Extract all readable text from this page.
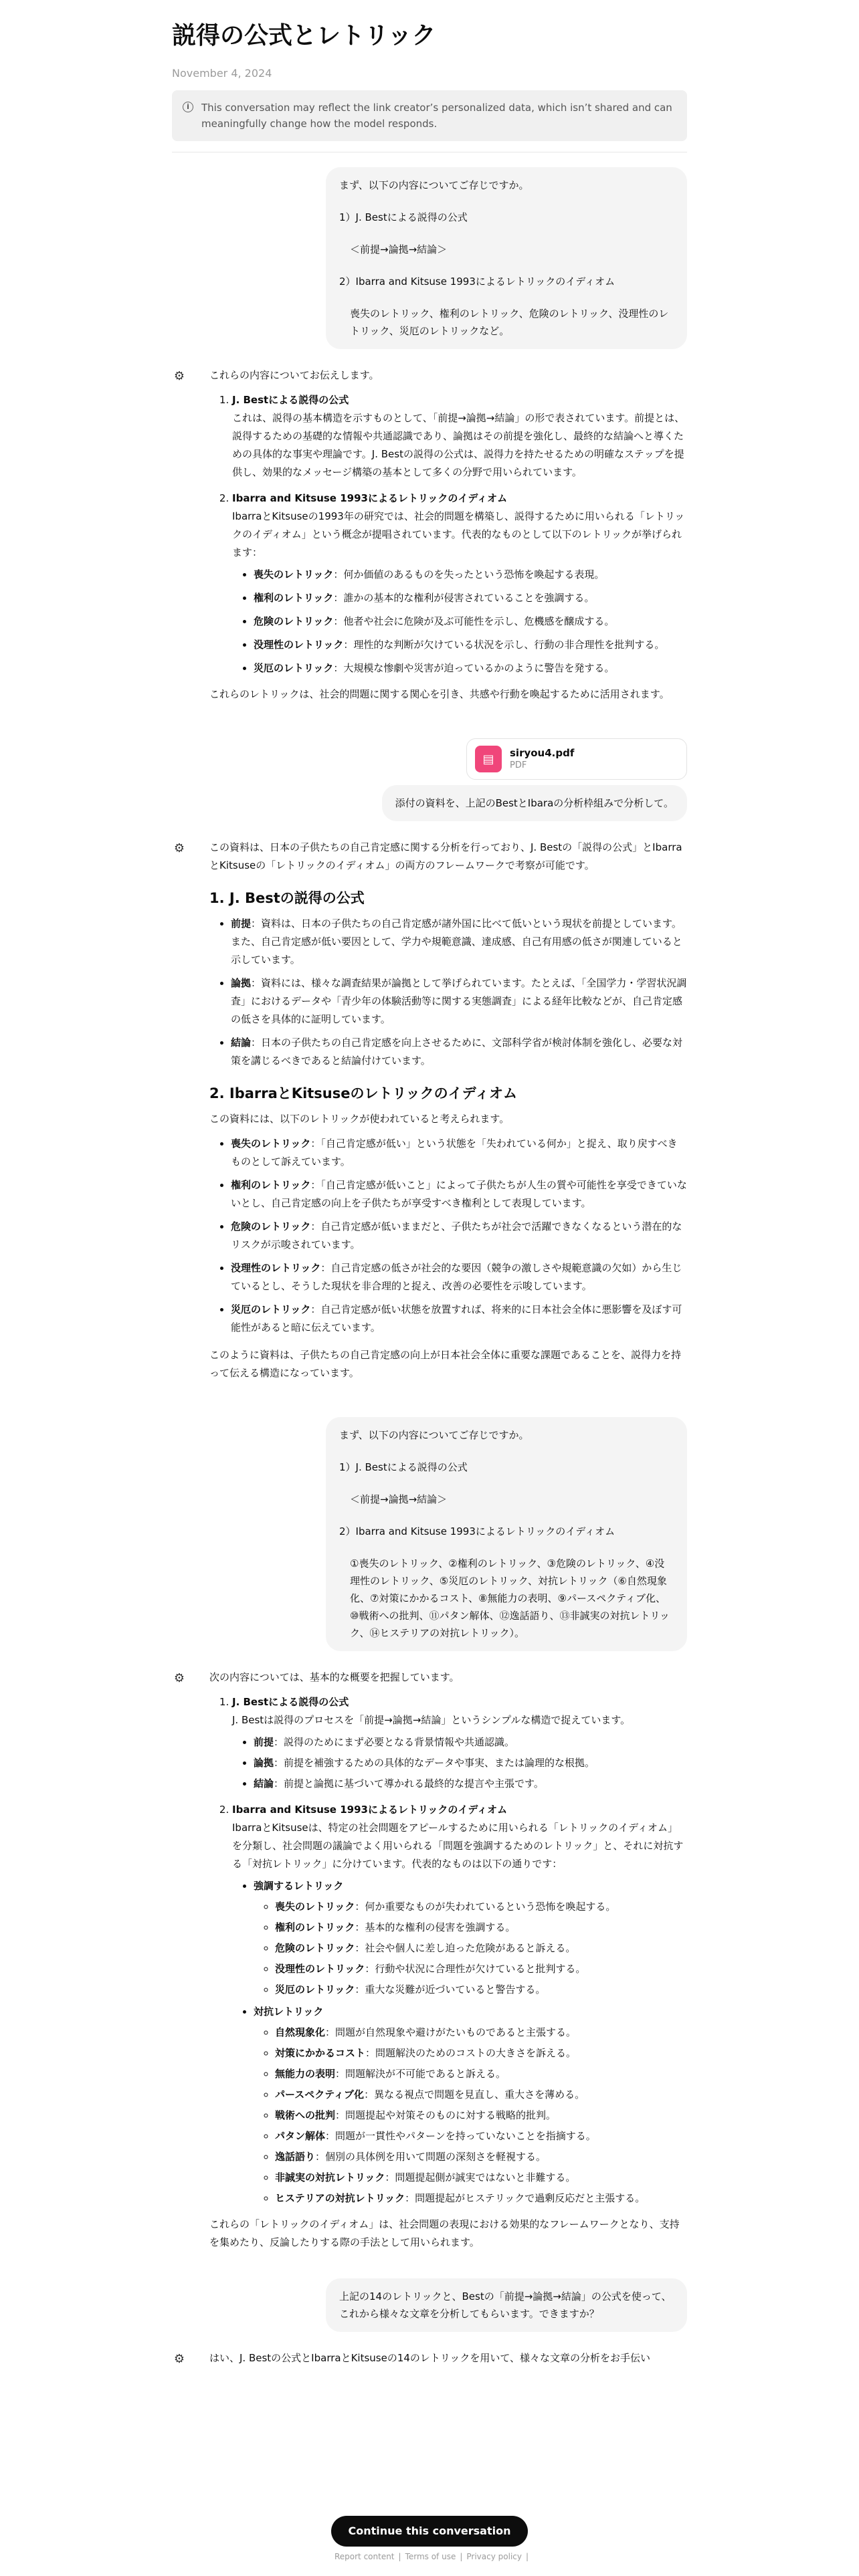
説得の公式とレトリック
November 4, 2024
i	This conversation may reflect the link creator’s personalized data, which isn’t shared and can meaningfully change how the model responds.

まず、以下の内容についてご存じですか。

1）J. Bestによる説得の公式

＜前提→論拠→結論＞

2）Ibarra and Kitsuse 1993によるレトリックのイディオム

喪失のレトリック、権利のレトリック、危険のレトリック、没理性のレトリック、災厄のレトリックなど。

⚙ これらの内容についてお伝えします。

1. J. Bestによる説得の公式
これは、説得の基本構造を示すものとして、「前提→論拠→結論」の形で表されています。前提とは、説得するための基礎的な情報や共通認識であり、論拠はその前提を強化し、最終的な結論へと導くための具体的な事実や理論です。J. Bestの説得の公式は、説得力を持たせるための明確なステップを提供し、効果的なメッセージ構築の基本として多くの分野で用いられています。
2. Ibarra and Kitsuse 1993によるレトリックのイディオム
IbarraとKitsuseの1993年の研究では、社会的問題を構築し、説得するために用いられる「レトリックのイディオム」という概念が提唱されています。代表的なものとして以下のレトリックが挙げられます：
• 喪失のレトリック：何か価値のあるものを失ったという恐怖を喚起する表現。
• 権利のレトリック：誰かの基本的な権利が侵害されていることを強調する。
• 危険のレトリック：他者や社会に危険が及ぶ可能性を示し、危機感を醸成する。
• 没理性のレトリック：理性的な判断が欠けている状況を示し、行動の非合理性を批判する。
• 災厄のレトリック：大規模な惨劇や災害が迫っているかのように警告を発する。

これらのレトリックは、社会的問題に関する関心を引き、共感や行動を喚起するために活用されます。

▤	siryou4.pdf
PDF

添付の資料を、上記のBestとIbaraの分析枠組みで分析して。

⚙ この資料は、日本の子供たちの自己肯定感に関する分析を行っており、J. Bestの「説得の公式」とIbarraとKitsuseの「レトリックのイディオム」の両方のフレームワークで考察が可能です。

1. J. Bestの説得の公式
• 前提：資料は、日本の子供たちの自己肯定感が諸外国に比べて低いという現状を前提としています。また、自己肯定感が低い要因として、学力や規範意識、達成感、自己有用感の低さが関連していると示しています。
• 論拠：資料には、様々な調査結果が論拠として挙げられています。たとえば、「全国学力・学習状況調査」におけるデータや「青少年の体験活動等に関する実態調査」による経年比較などが、自己肯定感の低さを具体的に証明しています。
• 結論：日本の子供たちの自己肯定感を向上させるために、文部科学省が検討体制を強化し、必要な対策を講じるべきであると結論付けています。
2. IbarraとKitsuseのレトリックのイディオム

この資料には、以下のレトリックが使われていると考えられます。

• 喪失のレトリック：「自己肯定感が低い」という状態を「失われている何か」と捉え、取り戻すべきものとして訴えています。
• 権利のレトリック：「自己肯定感が低いこと」によって子供たちが人生の質や可能性を享受できていないとし、自己肯定感の向上を子供たちが享受すべき権利として表現しています。
• 危険のレトリック：自己肯定感が低いままだと、子供たちが社会で活躍できなくなるという潜在的なリスクが示唆されています。
• 没理性のレトリック：自己肯定感の低さが社会的な要因（競争の激しさや規範意識の欠如）から生じているとし、そうした現状を非合理的と捉え、改善の必要性を示唆しています。
• 災厄のレトリック：自己肯定感が低い状態を放置すれば、将来的に日本社会全体に悪影響を及ぼす可能性があると暗に伝えています。

このように資料は、子供たちの自己肯定感の向上が日本社会全体に重要な課題であることを、説得力を持って伝える構造になっています。

まず、以下の内容についてご存じですか。

1）J. Bestによる説得の公式

＜前提→論拠→結論＞

2）Ibarra and Kitsuse 1993によるレトリックのイディオム

①喪失のレトリック、②権利のレトリック、③危険のレトリック、④没理性のレトリック、⑤災厄のレトリック、対抗レトリック（⑥自然現象化、⑦対策にかかるコスト、⑧無能力の表明、⑨パースペクティブ化、⑩戦術への批判、⑪パタン解体、⑫逸話語り、⑬非誠実の対抗レトリック、⑭ヒステリアの対抗レトリック）。

⚙ 次の内容については、基本的な概要を把握しています。

1. J. Bestによる説得の公式
J. Bestは説得のプロセスを「前提→論拠→結論」というシンプルな構造で捉えています。
• 前提：説得のためにまず必要となる背景情報や共通認識。
• 論拠：前提を補強するための具体的なデータや事実、または論理的な根拠。
• 結論：前提と論拠に基づいて導かれる最終的な提言や主張です。
2. Ibarra and Kitsuse 1993によるレトリックのイディオム
IbarraとKitsuseは、特定の社会問題をアピールするために用いられる「レトリックのイディオム」を分類し、社会問題の議論でよく用いられる「問題を強調するためのレトリック」と、それに対抗する「対抗レトリック」に分けています。代表的なものは以下の通りです：
• 強調するレトリック
◦ 喪失のレトリック：何か重要なものが失われているという恐怖を喚起する。
◦ 権利のレトリック：基本的な権利の侵害を強調する。
◦ 危険のレトリック：社会や個人に差し迫った危険があると訴える。
◦ 没理性のレトリック：行動や状況に合理性が欠けていると批判する。
◦ 災厄のレトリック：重大な災難が近づいていると警告する。
• 対抗レトリック
◦ 自然現象化：問題が自然現象や避けがたいものであると主張する。
◦ 対策にかかるコスト：問題解決のためのコストの大きさを訴える。
◦ 無能力の表明：問題解決が不可能であると訴える。
◦ パースペクティブ化：異なる視点で問題を見直し、重大さを薄める。
◦ 戦術への批判：問題提起や対策そのものに対する戦略的批判。
◦ パタン解体：問題が一貫性やパターンを持っていないことを指摘する。
◦ 逸話語り：個別の具体例を用いて問題の深刻さを軽視する。
◦ 非誠実の対抗レトリック：問題提起側が誠実ではないと非難する。
◦ ヒステリアの対抗レトリック：問題提起がヒステリックで過剰反応だと主張する。

これらの「レトリックのイディオム」は、社会問題の表現における効果的なフレームワークとなり、支持を集めたり、反論したりする際の手法として用いられます。

上記の14のレトリックと、Bestの「前提→論拠→結論」の公式を使って、これから様々な文章を分析してもらいます。できますか？

⚙ はい、J. Bestの公式とIbarraとKitsuseの14のレトリックを用いて、様々な文章の分析をお手伝い

Continue this conversation
Report content | Terms of use | Privacy policy |
